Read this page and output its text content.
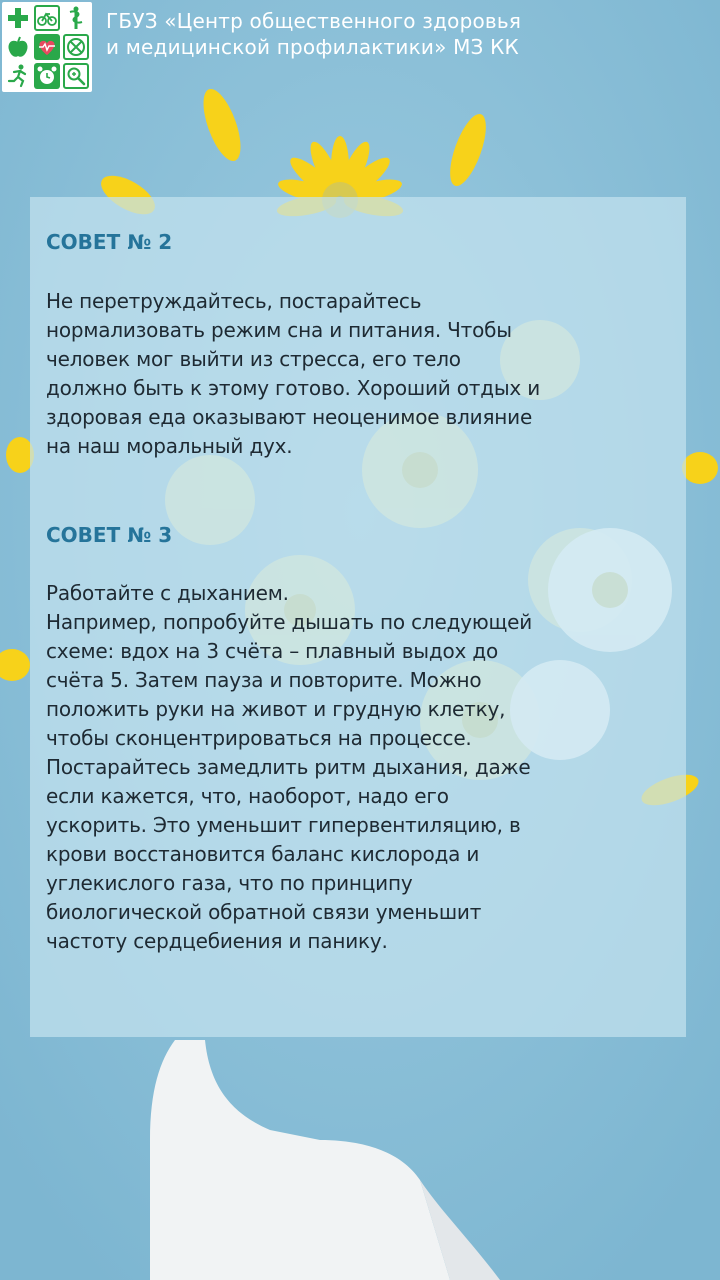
ГБУЗ «Центр общественного здоровья
и медицинской профилактики» МЗ КК
СОВЕТ № 2

Не перетруждайтесь, постарайтесь
нормализовать режим сна и питания. Чтобы
человек мог выйти из стресса, его тело
должно быть к этому готово. Хороший отдых и
здоровая еда оказывают неоценимое влияние
на наш моральный дух.

СОВЕТ № 3

Работайте с дыханием.
Например, попробуйте дышать по следующей
схеме: вдох на 3 счёта – плавный выдох до
счёта 5. Затем пауза и повторите. Можно
положить руки на живот и грудную клетку,
чтобы сконцентрироваться на процессе.
Постарайтесь замедлить ритм дыхания, даже
если кажется, что, наоборот, надо его
ускорить. Это уменьшит гипервентиляцию, в
крови восстановится баланс кислорода и
углекислого газа, что по принципу
биологической обратной связи уменьшит
частоту сердцебиения и панику.
